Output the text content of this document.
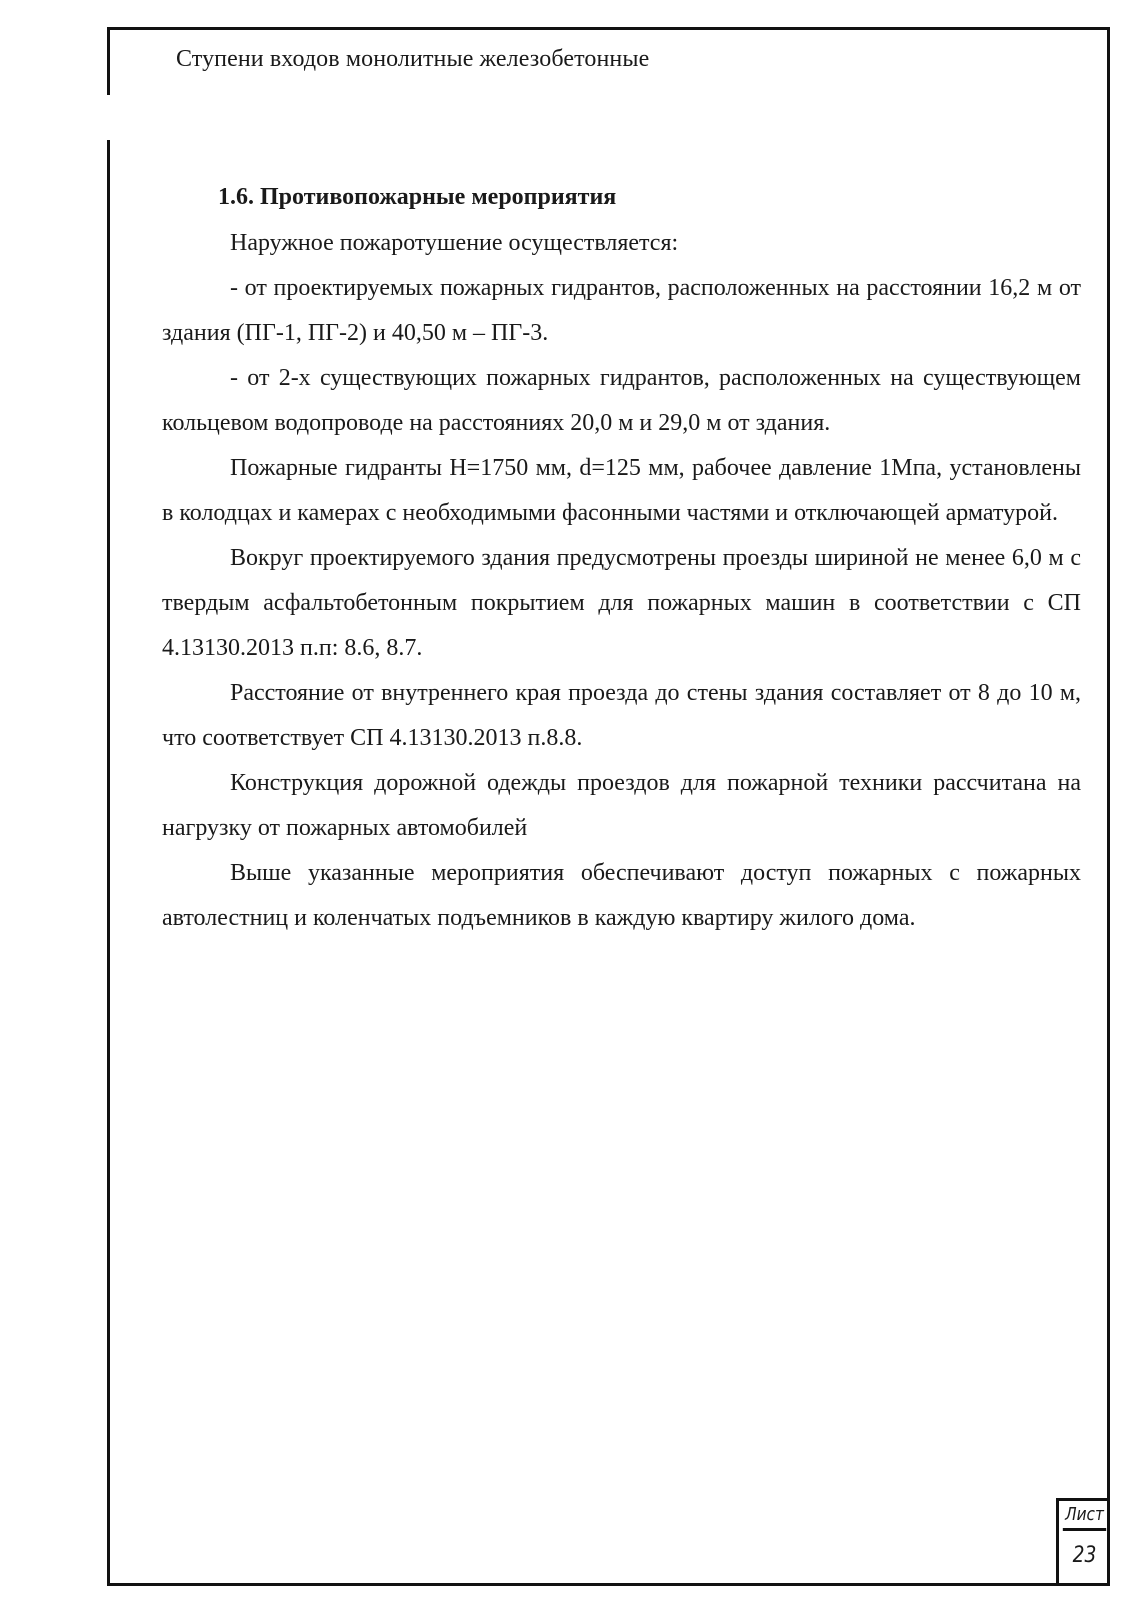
Ступени входов монолитные железобетонные
1.6. Противопожарные мероприятия

Наружное пожаротушение осуществляется:

- от проектируемых пожарных гидрантов, расположенных на расстоянии 16,2 м от здания (ПГ-1, ПГ-2) и 40,50 м – ПГ-3.

- от 2-х существующих пожарных гидрантов, расположенных на существующем кольцевом водопроводе на расстояниях 20,0 м и 29,0 м от здания.

Пожарные гидранты Н=1750 мм, d=125 мм, рабочее давление 1Мпа, установлены в колодцах и камерах с необходимыми фасонными частями и отключающей арматурой.

Вокруг проектируемого здания предусмотрены проезды шириной не менее 6,0 м с твердым асфальтобетонным покрытием для пожарных машин в соответствии с СП 4.13130.2013 п.п: 8.6, 8.7.

Расстояние от внутреннего края проезда до стены здания составляет от 8 до 10 м, что соответствует СП 4.13130.2013 п.8.8.

Конструкция дорожной одежды проездов для пожарной техники рассчитана на нагрузку от пожарных автомобилей

Выше указанные мероприятия обеспечивают доступ пожарных с пожарных автолестниц и коленчатых подъемников в каждую квартиру жилого дома.

Лист
23
